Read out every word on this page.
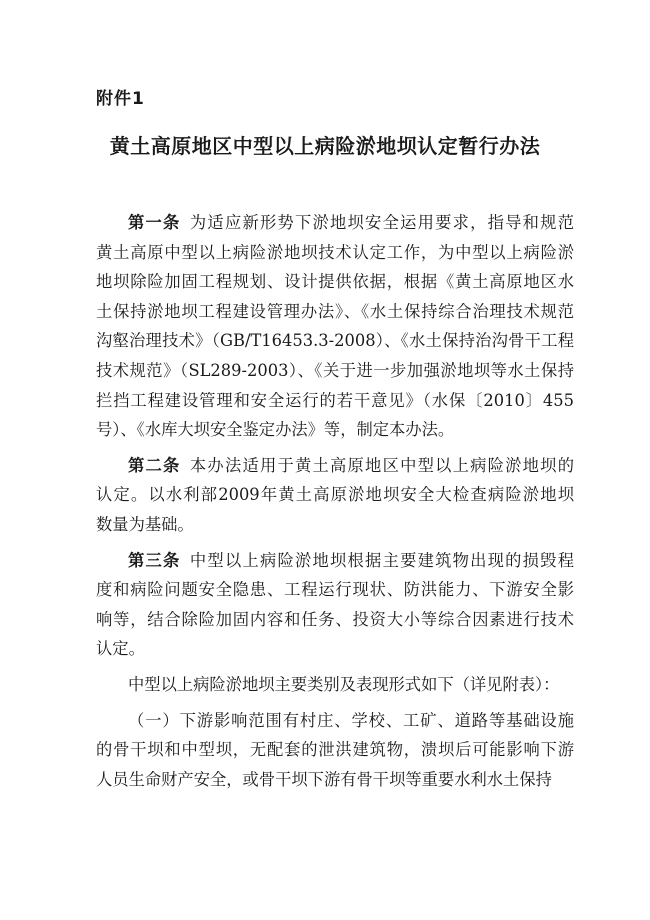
附件1

黄土高原地区中型以上病险淤地坝认定暂行办法
第一条  为适应新形势下淤地坝安全运用要求，指导和规范
黄土高原中型以上病险淤地坝技术认定工作，为中型以上病险淤
地坝除险加固工程规划、设计提供依据，根据《黄土高原地区水
土保持淤地坝工程建设管理办法》、《水土保持综合治理技术规范
沟壑治理技术》（GB/T16453.3-2008）、《水土保持治沟骨干工程
技术规范》（SL289-2003）、《关于进一步加强淤地坝等水土保持
拦挡工程建设管理和安全运行的若干意见》（水保〔2010〕455
号）、《水库大坝安全鉴定办法》等，制定本办法。
第二条  本办法适用于黄土高原地区中型以上病险淤地坝的
认定。以水利部2009年黄土高原淤地坝安全大检查病险淤地坝
数量为基础。
第三条  中型以上病险淤地坝根据主要建筑物出现的损毁程
度和病险问题安全隐患、工程运行现状、防洪能力、下游安全影
响等，结合除险加固内容和任务、投资大小等综合因素进行技术
认定。
中型以上病险淤地坝主要类别及表现形式如下（详见附表）：
（一）下游影响范围有村庄、学校、工矿、道路等基础设施
的骨干坝和中型坝，无配套的泄洪建筑物，溃坝后可能影响下游
人员生命财产安全，或骨干坝下游有骨干坝等重要水利水土保持
